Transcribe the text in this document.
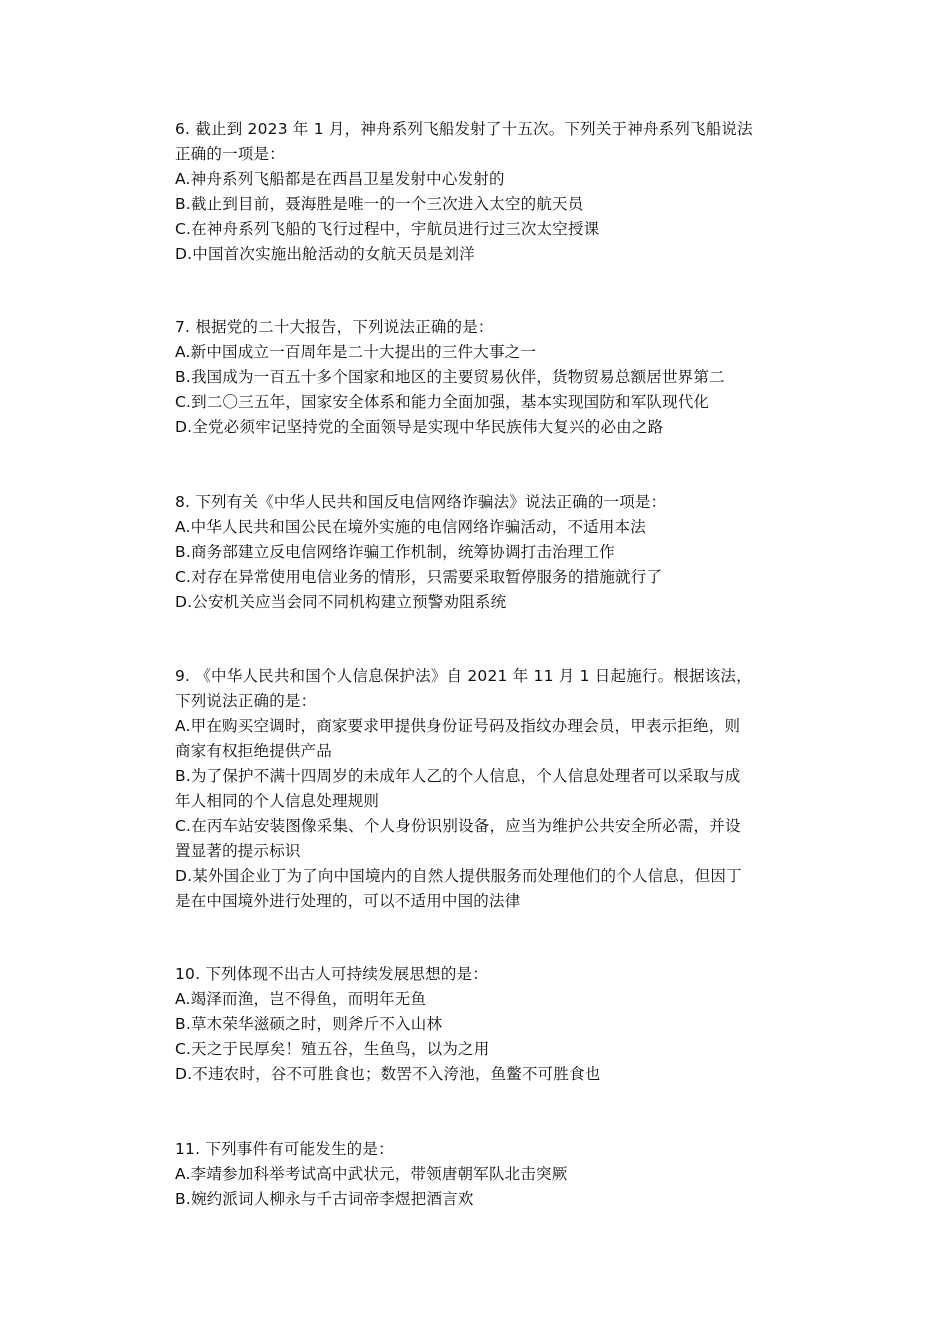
6. 截止到 2023 年 1 月，神舟系列飞船发射了十五次。下列关于神舟系列飞船说法
正确的一项是：
A.神舟系列飞船都是在西昌卫星发射中心发射的
B.截止到目前，聂海胜是唯一的一个三次进入太空的航天员
C.在神舟系列飞船的飞行过程中，宇航员进行过三次太空授课
D.中国首次实施出舱活动的女航天员是刘洋
7. 根据党的二十大报告，下列说法正确的是：
A.新中国成立一百周年是二十大提出的三件大事之一
B.我国成为一百五十多个国家和地区的主要贸易伙伴，货物贸易总额居世界第二
C.到二〇三五年，国家安全体系和能力全面加强，基本实现国防和军队现代化
D.全党必须牢记坚持党的全面领导是实现中华民族伟大复兴的必由之路
8. 下列有关《中华人民共和国反电信网络诈骗法》说法正确的一项是：
A.中华人民共和国公民在境外实施的电信网络诈骗活动，不适用本法
B.商务部建立反电信网络诈骗工作机制，统筹协调打击治理工作
C.对存在异常使用电信业务的情形，只需要采取暂停服务的措施就行了
D.公安机关应当会同不同机构建立预警劝阻系统
9. 《中华人民共和国个人信息保护法》自 2021 年 11 月 1 日起施行。根据该法，
下列说法正确的是：
A.甲在购买空调时，商家要求甲提供身份证号码及指纹办理会员，甲表示拒绝，则
商家有权拒绝提供产品
B.为了保护不满十四周岁的未成年人乙的个人信息，个人信息处理者可以采取与成
年人相同的个人信息处理规则
C.在丙车站安装图像采集、个人身份识别设备，应当为维护公共安全所必需，并设
置显著的提示标识
D.某外国企业丁为了向中国境内的自然人提供服务而处理他们的个人信息，但因丁
是在中国境外进行处理的，可以不适用中国的法律
10. 下列体现不出古人可持续发展思想的是：
A.竭泽而渔，岂不得鱼，而明年无鱼
B.草木荣华滋硕之时，则斧斤不入山林
C.天之于民厚矣！殖五谷，生鱼鸟，以为之用
D.不违农时，谷不可胜食也；数罟不入洿池，鱼鳖不可胜食也
11. 下列事件有可能发生的是：
A.李靖参加科举考试高中武状元，带领唐朝军队北击突厥
B.婉约派词人柳永与千古词帝李煜把酒言欢
